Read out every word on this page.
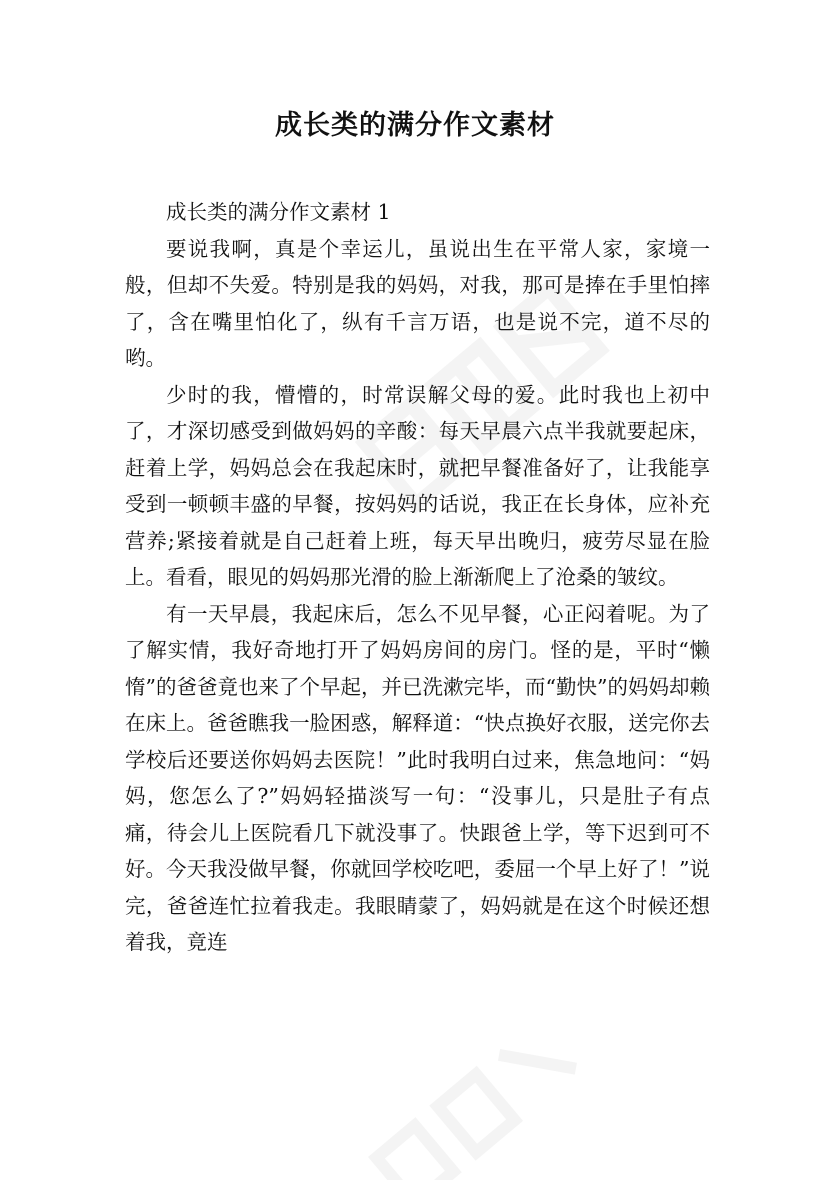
成长类的满分作文素材

成长类的满分作文素材 1

要说我啊，真是个幸运儿，虽说出生在平常人家，家境一般，但却不失爱。特别是我的妈妈，对我，那可是捧在手里怕摔了，含在嘴里怕化了，纵有千言万语，也是说不完，道不尽的哟。

少时的我，懵懵的，时常误解父母的爱。此时我也上初中了，才深切感受到做妈妈的辛酸：每天早晨六点半我就要起床，赶着上学，妈妈总会在我起床时，就把早餐准备好了，让我能享受到一顿顿丰盛的早餐，按妈妈的话说，我正在长身体，应补充营养;紧接着就是自己赶着上班，每天早出晚归，疲劳尽显在脸上。看看，眼见的妈妈那光滑的脸上渐渐爬上了沧桑的皱纹。

有一天早晨，我起床后，怎么不见早餐，心正闷着呢。为了了解实情，我好奇地打开了妈妈房间的房门。怪的是，平时“懒惰”的爸爸竟也来了个早起，并已洗漱完毕，而“勤快”的妈妈却赖在床上。爸爸瞧我一脸困惑，解释道：“快点换好衣服，送完你去学校后还要送你妈妈去医院！”此时我明白过来，焦急地问：“妈妈，您怎么了?”妈妈轻描淡写一句：“没事儿，只是肚子有点痛，待会儿上医院看几下就没事了。快跟爸上学，等下迟到可不好。今天我没做早餐，你就回学校吃吧，委屈一个早上好了！”说完，爸爸连忙拉着我走。我眼睛蒙了，妈妈就是在这个时候还想着我，竟连
